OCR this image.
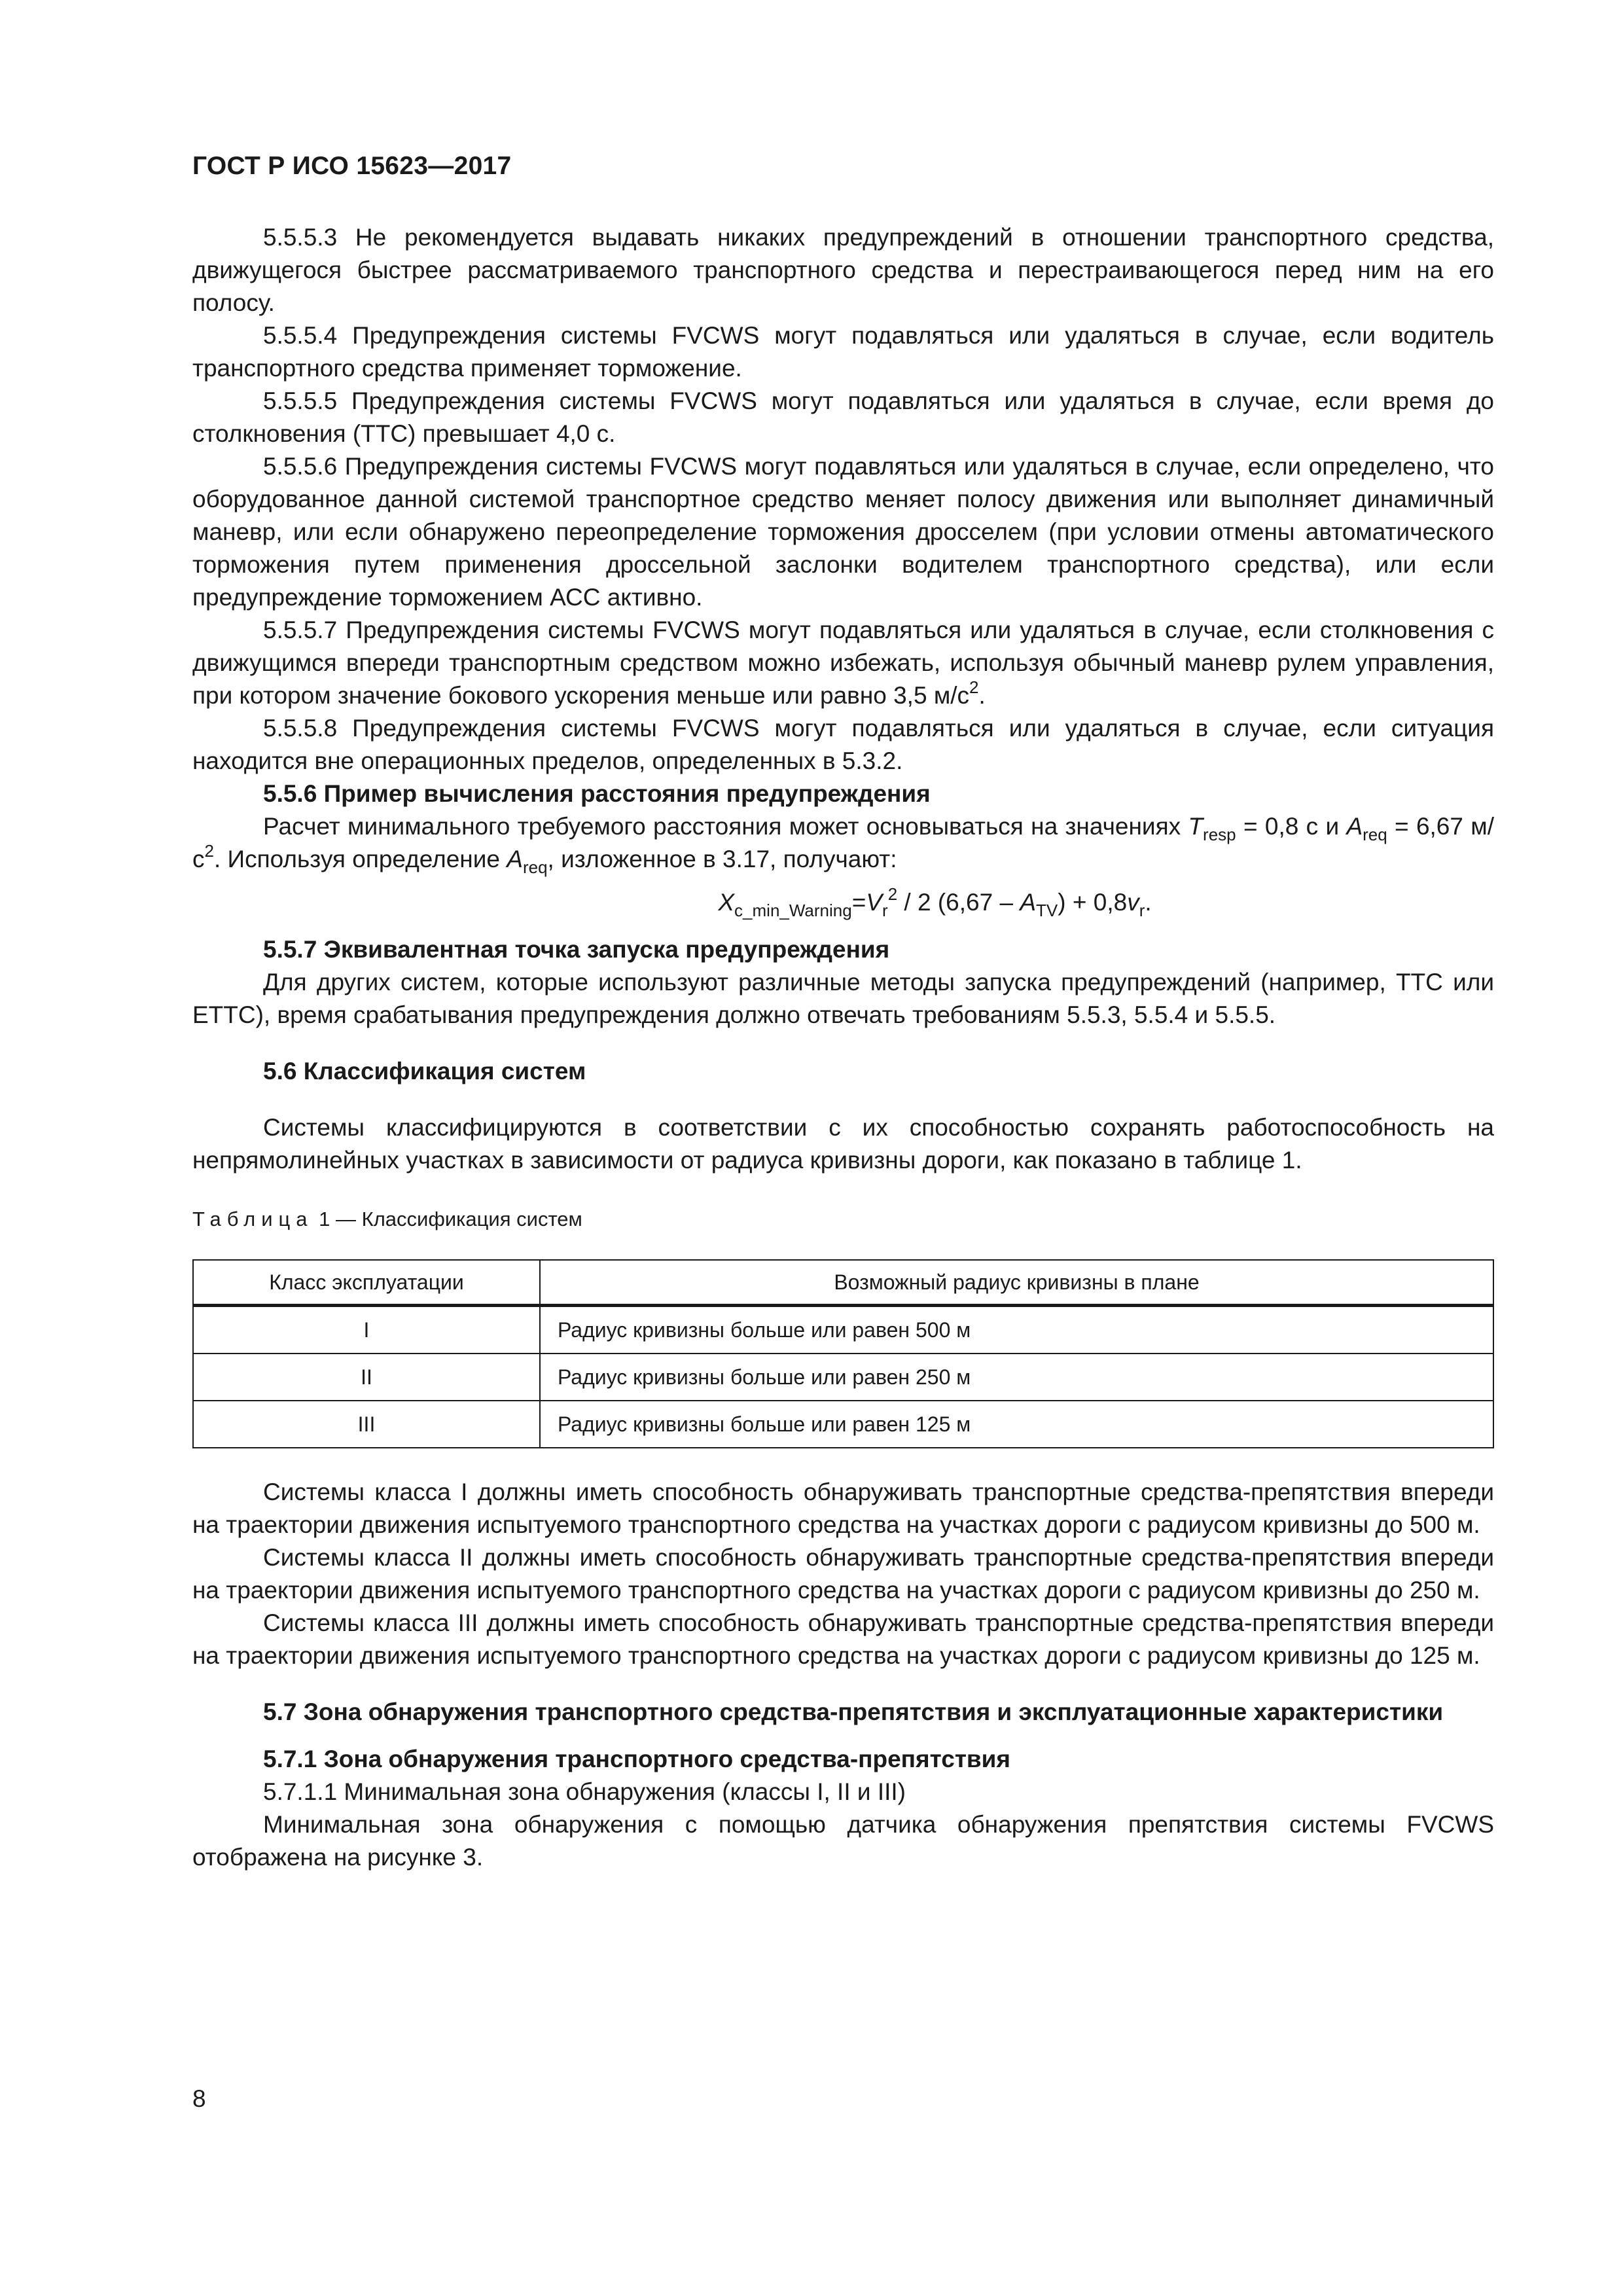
ГОСТ Р ИСО 15623—2017

5.5.5.3 Не рекомендуется выдавать никаких предупреждений в отношении транспортного средства, движущегося быстрее рассматриваемого транспортного средства и перестраивающегося перед ним на его полосу.

5.5.5.4 Предупреждения системы FVCWS могут подавляться или удаляться в случае, если водитель транспортного средства применяет торможение.

5.5.5.5 Предупреждения системы FVCWS могут подавляться или удаляться в случае, если время до столкновения (TTC) превышает 4,0 с.

5.5.5.6 Предупреждения системы FVCWS могут подавляться или удаляться в случае, если определено, что оборудованное данной системой транспортное средство меняет полосу движения или выполняет динамичный маневр, или если обнаружено переопределение торможения дросселем (при условии отмены автоматического торможения путем применения дроссельной заслонки водителем транспортного средства), или если предупреждение торможением АСС активно.

5.5.5.7 Предупреждения системы FVCWS могут подавляться или удаляться в случае, если столкновения с движущимся впереди транспортным средством можно избежать, используя обычный маневр рулем управления, при котором значение бокового ускорения меньше или равно 3,5 $м/с^2$.

5.5.5.8 Предупреждения системы FVCWS могут подавляться или удаляться в случае, если ситуация находится вне операционных пределов, определенных в 5.3.2.

5.5.6 Пример вычисления расстояния предупреждения

Расчет минимального требуемого расстояния может основываться на значениях $T_{resp} = 0,8$ с и $A_{req} = 6,67$ $м/с^2$. Используя определение $A_{req}$, изложенное в 3.17, получают:

$X_{c\_min\_Warning}=V_r^2 / 2$ $(6,67 - A_{TV}) + 0,8v_r$.

5.5.7 Эквивалентная точка запуска предупреждения

Для других систем, которые используют различные методы запуска предупреждений (например, TTC или ETTC), время срабатывания предупреждения должно отвечать требованиям 5.5.3, 5.5.4 и 5.5.5.

5.6 Классификация систем

Системы классифицируются в соответствии с их способностью сохранять работоспособность на непрямолинейных участках в зависимости от радиуса кривизны дороги, как показано в таблице 1.

Таблица 1 — Классификация систем
Класс эксплуатации	Возможный радиус кривизны в плане
I	Радиус кривизны больше или равен 500 м
II	Радиус кривизны больше или равен 250 м
III	Радиус кривизны больше или равен 125 м

Системы класса I должны иметь способность обнаруживать транспортные средства-препятствия впереди на траектории движения испытуемого транспортного средства на участках дороги с радиусом кривизны до 500 м.

Системы класса II должны иметь способность обнаруживать транспортные средства-препятствия впереди на траектории движения испытуемого транспортного средства на участках дороги с радиусом кривизны до 250 м.

Системы класса III должны иметь способность обнаруживать транспортные средства-препятствия впереди на траектории движения испытуемого транспортного средства на участках дороги с радиусом кривизны до 125 м.

5.7 Зона обнаружения транспортного средства-препятствия и эксплуатационные характеристики

5.7.1 Зона обнаружения транспортного средства-препятствия

5.7.1.1 Минимальная зона обнаружения (классы I, II и III)

Минимальная зона обнаружения с помощью датчика обнаружения препятствия системы FVCWS отображена на рисунке 3.

8
